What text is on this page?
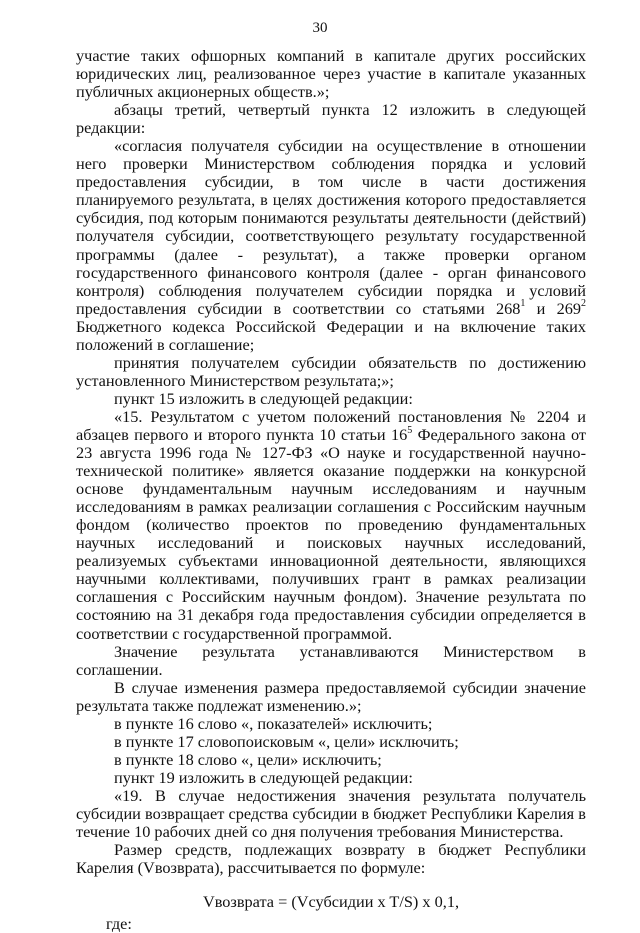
30

участие таких офшорных компаний в капитале других российских юридических лиц, реализованное через участие в капитале указанных публичных акционерных обществ.»;

абзацы третий, четвертый пункта 12 изложить в следующей редакции:

«согласия получателя субсидии на осуществление в отношении него проверки Министерством соблюдения порядка и условий предоставления субсидии, в том числе в части достижения планируемого результата, в целях достижения которого предоставляется субсидия, под которым понимаются результаты деятельности (действий) получателя субсидии, соответствующего результату государственной программы (далее - результат), а также проверки органом государственного финансового контроля (далее - орган финансового контроля) соблюдения получателем субсидии порядка и условий предоставления субсидии в соответствии со статьями $268^1$ и $269^2$ Бюджетного кодекса Российской Федерации и на включение таких положений в соглашение;

принятия получателем субсидии обязательств по достижению установленного Министерством результата;»;

пункт 15 изложить в следующей редакции:

«15. Результатом с учетом положений постановления № 2204 и абзацев первого и второго пункта 10 статьи $16^5$ Федерального закона от 23 августа 1996 года № 127-ФЗ «О науке и государственной научно-технической политике» является оказание поддержки на конкурсной основе фундаментальным научным исследованиям и научным исследованиям в рамках реализации соглашения с Российским научным фондом (количество проектов по проведению фундаментальных научных исследований и поисковых научных исследований, реализуемых субъектами инновационной деятельности, являющихся научными коллективами, получивших грант в рамках реализации соглашения с Российским научным фондом). Значение результата по состоянию на 31 декабря года предоставления субсидии определяется в соответствии с государственной программой.

Значение результата устанавливаются Министерством в соглашении.

В случае изменения размера предоставляемой субсидии значение результата также подлежат изменению.»;

в пункте 16 слово «, показателей» исключить;

в пункте 17 словопоисковым «, цели» исключить;

в пункте 18 слово «, цели» исключить;

пункт 19 изложить в следующей редакции:

«19. В случае недостижения значения результата получатель субсидии возвращает средства субсидии в бюджет Республики Карелия в течение 10 рабочих дней со дня получения требования Министерства.

Размер средств, подлежащих возврату в бюджет Республики Карелия (Vвозврата), рассчитывается по формуле:

Vвозврата = (Vсубсидии x T/S) x 0,1,

где:
